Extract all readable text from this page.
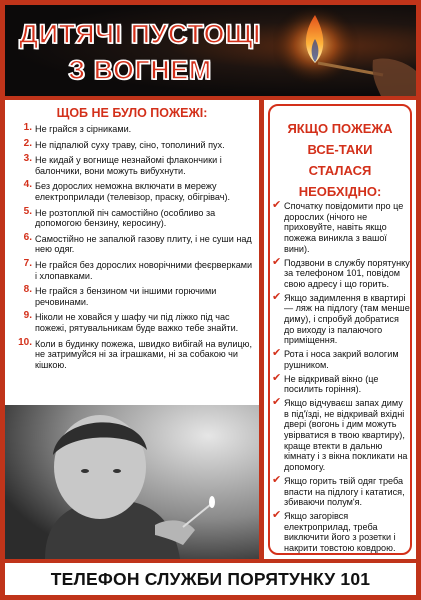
ДИТЯЧІ ПУСТОЩІ
З ВОГНЕМ
ЩОБ НЕ БУЛО ПОЖЕЖІ:
1. Не грайся з сірниками.
2. Не підпалюй суху траву, сіно, тополиний пух.
3. Не кидай у вогнище незнайомі флакончики і балончики, вони можуть вибухнути.
4. Без дорослих неможна включати в мережу електроприлади (телевізор, праску, обігрівач).
5. Не розтоплюй піч самостійно (особливо за допомогою бензину, керосину).
6. Самостійно не запалюй газову плиту, і не суши над нею одяг.
7. Не грайся без дорослих новорічними феєрверками і хлопавками.
8. Не грайся з бензином чи іншими горючими речовинами.
9. Ніколи не ховайся у шафу чи під ліжко під час пожежі, рятувальникам буде важко тебе знайти.
10. Коли в будинку пожежа, швидко вибігай на вулицю, не затримуйся ні за іграшками, ні за собакою чи кішкою.
ЯКЩО ПОЖЕЖА
ВСЕ-ТАКИ
СТАЛАСЯ
НЕОБХІДНО:
✔ Спочатку повідомити про це дорослих (нічого не приховуйте, навіть якщо пожежа виникла з вашої вини).
✔ Подзвони в службу порятунку за телефоном 101, повідом свою адресу і що горить.
✔ Якщо задимлення в квартирі — ляж на підлогу (там менше диму), і спробуй добратися до виходу із палаючого приміщення.
✔ Рота і носа закрий вологим рушником.
✔ Не відкривай вікно (це посилить горіння).
✔ Якщо відчуваєш запах диму в під'їзді, не відкривай вхідні двері (вогонь і дим можуть увірватися в твою квартиру), краще втекти в дальню кімнату і з вікна покликати на допомогу.
✔ Якщо горить твій одяг треба впасти на підлогу і кататися, збиваючи полум'я.
✔ Якщо загорівся електроприлад, треба виключити його з розетки і накрити товстою ковдрою.
ТЕЛЕФОН СЛУЖБИ ПОРЯТУНКУ 101
